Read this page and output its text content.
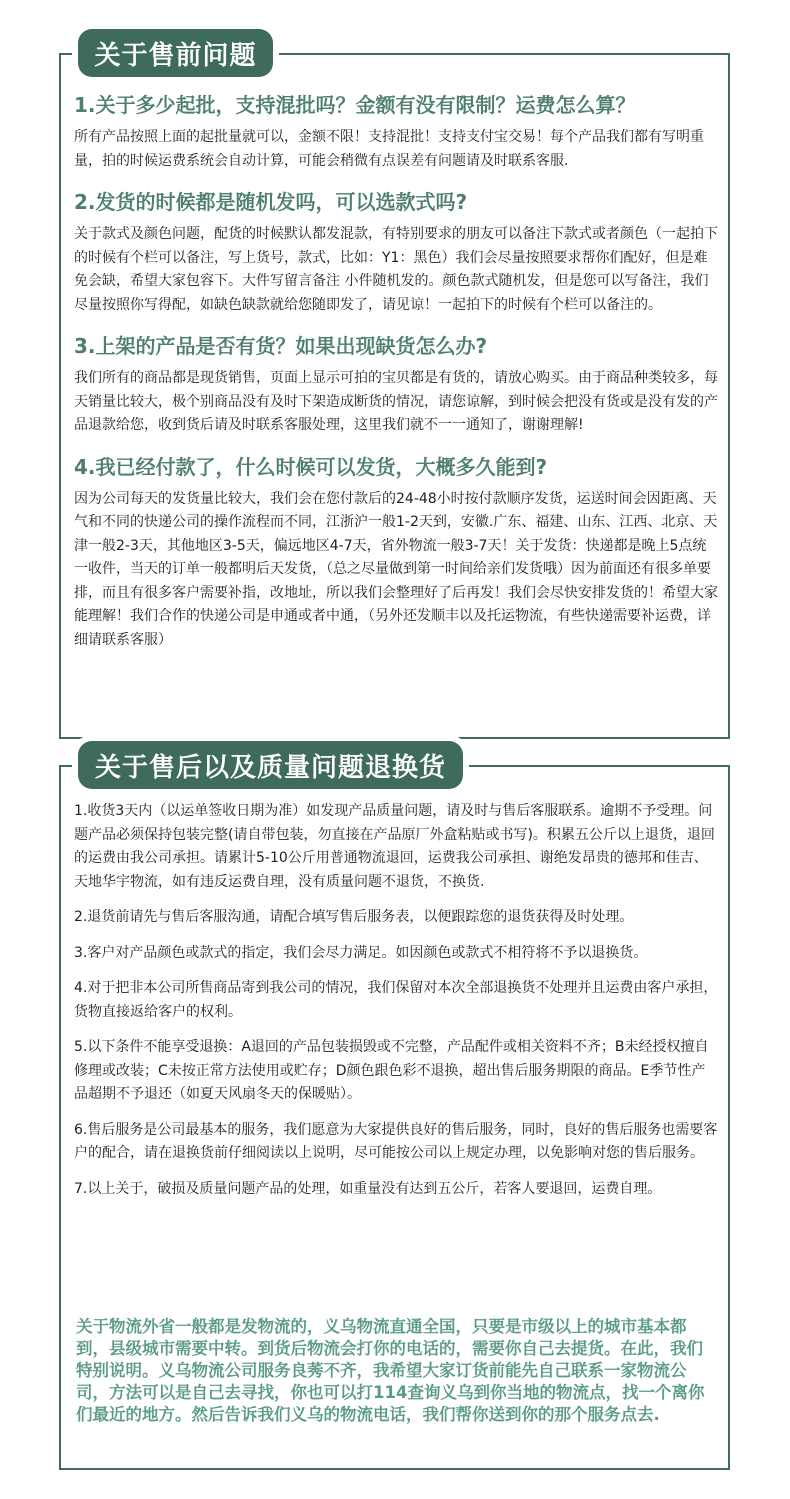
关于售前问题
1.关于多少起批，支持混批吗？金额有没有限制？运费怎么算？
所有产品按照上面的起批量就可以，金额不限！支持混批！支持支付宝交易！每个产品我们都有写明重量，拍的时候运费系统会自动计算，可能会稍微有点误差有问题请及时联系客服.
2.发货的时候都是随机发吗，可以选款式吗?
关于款式及颜色问题，配货的时候默认都发混款，有特别要求的朋友可以备注下款式或者颜色（一起拍下的时候有个栏可以备注，写上货号，款式，比如：Y1：黑色）我们会尽量按照要求帮你们配好，但是难免会缺，希望大家包容下。大件写留言备注 小件随机发的。颜色款式随机发，但是您可以写备注，我们尽量按照你写得配，如缺色缺款就给您随即发了，请见谅！一起拍下的时候有个栏可以备注的。
3.上架的产品是否有货？如果出现缺货怎么办?
我们所有的商品都是现货销售，页面上显示可拍的宝贝都是有货的，请放心购买。由于商品种类较多，每天销量比较大，极个别商品没有及时下架造成断货的情况，请您谅解，到时候会把没有货或是没有发的产品退款给您，收到货后请及时联系客服处理，这里我们就不一一通知了，谢谢理解!
4.我已经付款了，什么时候可以发货，大概多久能到?
因为公司每天的发货量比较大，我们会在您付款后的24-48小时按付款顺序发货，运送时间会因距离、天气和不同的快递公司的操作流程而不同，江浙沪一般1-2天到，安徽.广东、福建、山东、江西、北京、天津一般2-3天，其他地区3-5天，偏远地区4-7天，省外物流一般3-7天！关于发货：快递都是晚上5点统一收件，当天的订单一般都明后天发货，（总之尽量做到第一时间给亲们发货哦）因为前面还有很多单要排，而且有很多客户需要补指，改地址，所以我们会整理好了后再发！我们会尽快安排发货的！希望大家能理解！我们合作的快递公司是申通或者中通，（另外还发顺丰以及托运物流，有些快递需要补运费，详细请联系客服）
关于售后以及质量问题退换货
1.收货3天内（以运单签收日期为准）如发现产品质量问题，请及时与售后客服联系。逾期不予受理。问题产品必须保持包装完整(请自带包装，勿直接在产品原厂外盒粘贴或书写)。积累五公斤以上退货，退回的运费由我公司承担。请累计5-10公斤用普通物流退回，运费我公司承担、谢绝发昂贵的德邦和佳吉、天地华宇物流，如有违反运费自理，没有质量问题不退货，不换货.
2.退货前请先与售后客服沟通，请配合填写售后服务表，以便跟踪您的退货获得及时处理。
3.客户对产品颜色或款式的指定，我们会尽力满足。如因颜色或款式不相符将不予以退换货。
4.对于把非本公司所售商品寄到我公司的情况，我们保留对本次全部退换货不处理并且运费由客户承担，货物直接返给客户的权利。
5.以下条件不能享受退换：A退回的产品包装损毁或不完整，产品配件或相关资料不齐；B未经授权擅自修理或改装；C未按正常方法使用或贮存；D颜色跟色彩不退换，超出售后服务期限的商品。E季节性产品超期不予退还（如夏天风扇冬天的保暖贴）。
6.售后服务是公司最基本的服务，我们愿意为大家提供良好的售后服务，同时，良好的售后服务也需要客户的配合，请在退换货前仔细阅读以上说明，尽可能按公司以上规定办理，以免影响对您的售后服务。
7.以上关于，破损及质量问题产品的处理，如重量没有达到五公斤，若客人要退回，运费自理。
关于物流外省一般都是发物流的，义乌物流直通全国，只要是市级以上的城市基本都到，县级城市需要中转。到货后物流会打你的电话的，需要你自己去提货。在此，我们特别说明。义乌物流公司服务良莠不齐，我希望大家订货前能先自己联系一家物流公司，方法可以是自己去寻找，你也可以打114查询义乌到你当地的物流点，找一个离你们最近的地方。然后告诉我们义乌的物流电话，我们帮你送到你的那个服务点去.
